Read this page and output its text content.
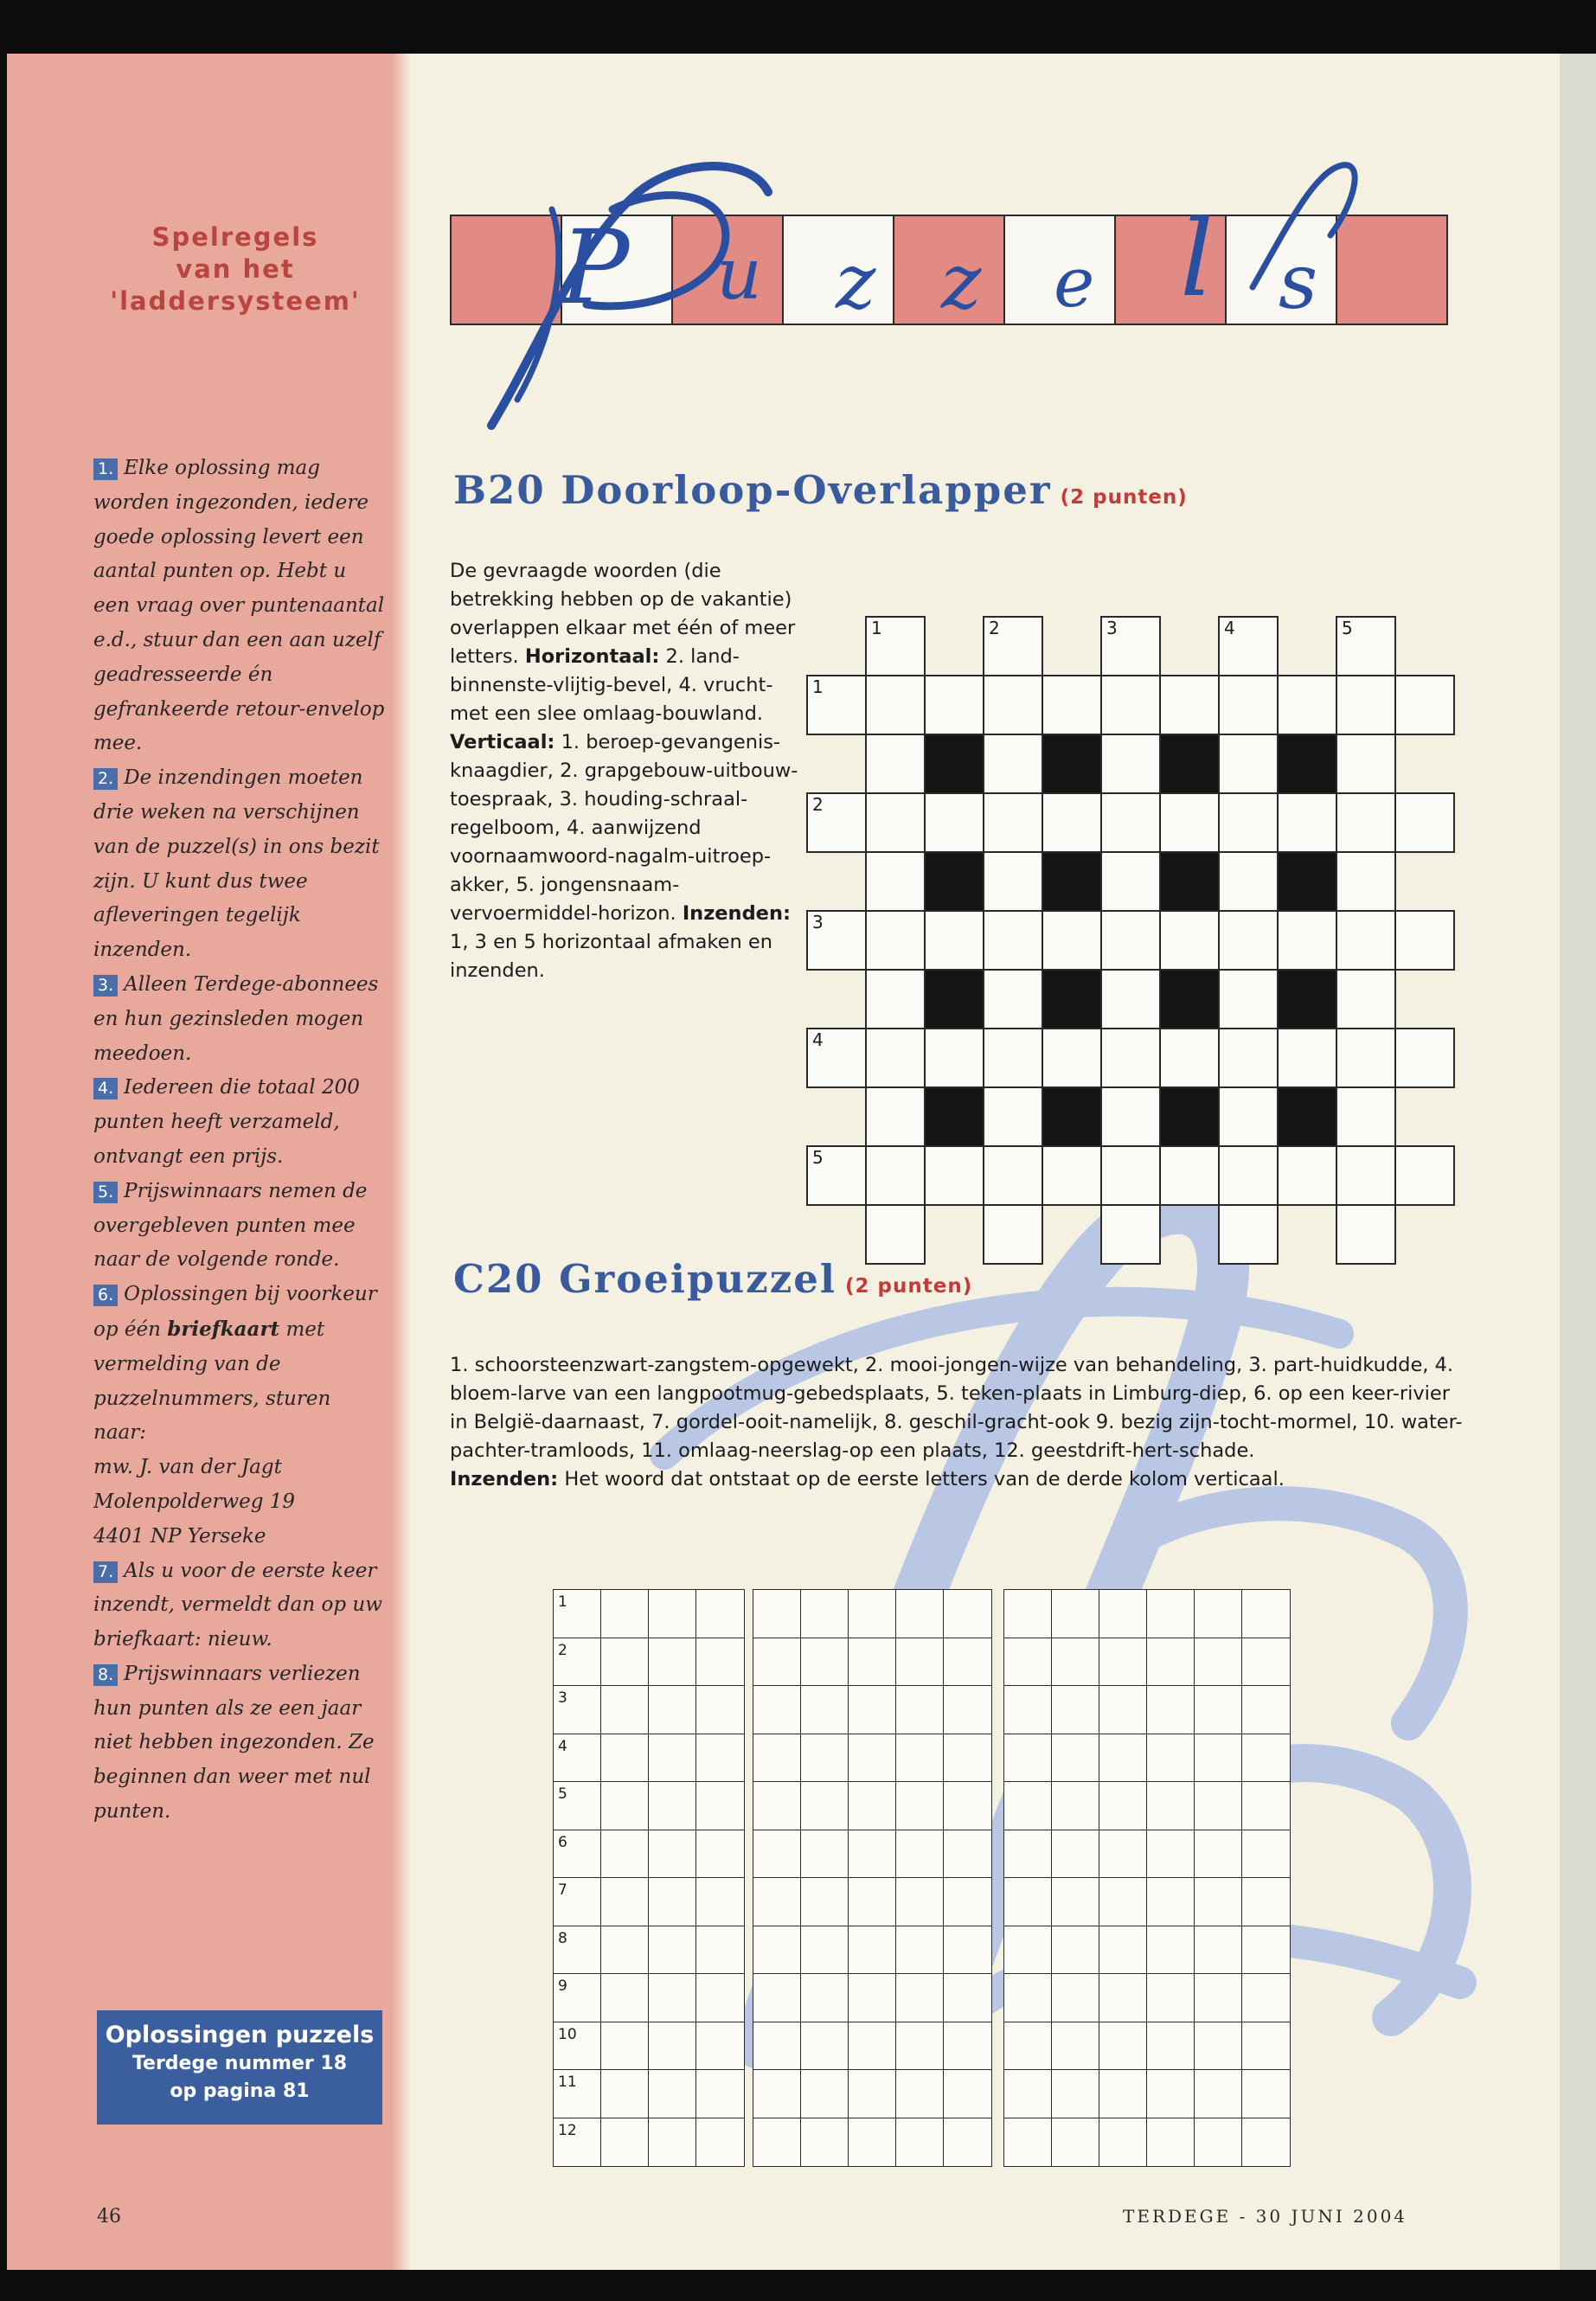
Spelregels
van het
'laddersysteem'

1. Elke oplossing mag worden ingezonden, iedere goede oplossing levert een aantal punten op. Hebt u een vraag over puntenaantal e.d., stuur dan een aan uzelf geadresseerde én gefrankeerde retour-envelop mee.

2. De inzendingen moeten drie weken na verschijnen van de puzzel(s) in ons bezit zijn. U kunt dus twee afleveringen tegelijk inzenden.

3. Alleen Terdege-abonnees en hun gezinsleden mogen meedoen.

4. Iedereen die totaal 200 punten heeft verzameld, ontvangt een prijs.

5. Prijswinnaars nemen de overgebleven punten mee naar de volgende ronde.

6. Oplossingen bij voorkeur op één briefkaart met vermelding van de puzzelnummers, sturen naar:

mw. J. van der Jagt

Molenpolderweg 19

4401 NP Yerseke

7. Als u voor de eerste keer inzendt, vermeldt dan op uw briefkaart: nieuw.

8. Prijswinnaars verliezen hun punten als ze een jaar niet hebben ingezonden. Ze beginnen dan weer met nul punten.

Oplossingen puzzels
Terdege nummer 18
op pagina 81
P u z z e l s
B20 Doorloop-Overlapper (2 punten)
De gevraagde woorden (die betrekking hebben op de vakantie) overlappen elkaar met één of meer letters. Horizontaal: 2. land-binnenste-vlijtig-bevel, 4. vrucht-met een slee omlaag-bouwland. Verticaal: 1. beroep-gevangenis-knaagdier, 2. grapgebouw-uitbouw-toespraak, 3. houding-schraal-regelboom, 4. aanwijzend voornaamwoord-nagalm-uitroep-akker, 5. jongensnaam-vervoermiddel-horizon. Inzenden: 1, 3 en 5 horizontaal afmaken en inzenden.
1	2	3	4	5
1
2
3
4
5
C20 Groeipuzzel (2 punten)
1. schoorsteenzwart-zangstem-opgewekt, 2. mooi-jongen-wijze van behandeling, 3. part-huidkudde, 4. bloem-larve van een langpootmug-gebedsplaats, 5. teken-plaats in Limburg-diep, 6. op een keer-rivier in België-daarnaast, 7. gordel-ooit-namelijk, 8. geschil-gracht-ook 9. bezig zijn-tocht-mormel, 10. water-pachter-tramloods, 11. omlaag-neerslag-op een plaats, 12. geestdrift-hert-schade.
Inzenden: Het woord dat ontstaat op de eerste letters van de derde kolom verticaal.
1
2
3
4
5
6
7
8
9
10
11
12
46	TERDEGE - 30 JUNI 2004
